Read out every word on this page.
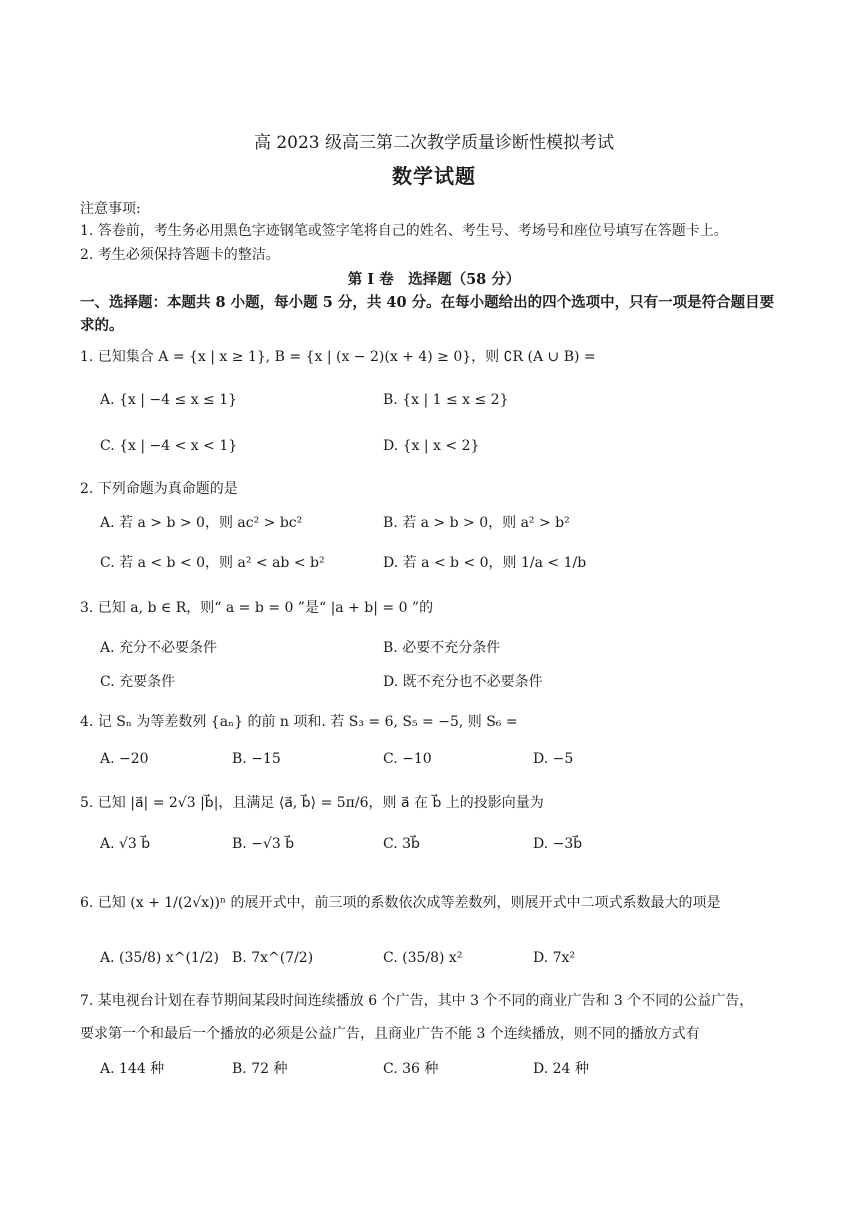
高 2023 级高三第二次教学质量诊断性模拟考试
数学试题
注意事项:
1. 答卷前，考生务必用黑色字迹钢笔或签字笔将自己的姓名、考生号、考场号和座位号填写在答题卡上。
2. 考生必须保持答题卡的整洁。
第 I 卷　选择题（58 分）
一、选择题：本题共 8 小题，每小题 5 分，共 40 分。在每小题给出的四个选项中，只有一项是符合题目要
求的。
1. 已知集合 A = {x | x ≥ 1}, B = {x | (x − 2)(x + 4) ≥ 0}，则 ∁R (A ∪ B) =
A. {x | −4 ≤ x ≤ 1}	B. {x | 1 ≤ x ≤ 2}
C. {x | −4 < x < 1}	D. {x | x < 2}
2. 下列命题为真命题的是
A. 若 a > b > 0，则 ac² > bc²	B. 若 a > b > 0，则 a² > b²
C. 若 a < b < 0，则 a² < ab < b²	D. 若 a < b < 0，则 1/a < 1/b
3. 已知 a, b ∈ R，则“ a = b = 0 ”是“ |a + b| = 0 ”的
A. 充分不必要条件	B. 必要不充分条件
C. 充要条件	D. 既不充分也不必要条件
4. 记 Sₙ 为等差数列 {aₙ} 的前 n 项和. 若 S₃ = 6, S₅ = −5, 则 S₆ =
A. −20	B. −15	C. −10	D. −5
5. 已知 |a⃗| = 2√3 |b⃗|，且满足 ⟨a⃗, b⃗⟩ = 5π/6，则 a⃗ 在 b⃗ 上的投影向量为
A. √3 b⃗	B. −√3 b⃗	C. 3b⃗	D. −3b⃗
6. 已知 (x + 1/(2√x))ⁿ 的展开式中，前三项的系数依次成等差数列，则展开式中二项式系数最大的项是
A. (35/8) x^(1/2) B. 7x^(7/2)	C. (35/8) x²	D. 7x²
7. 某电视台计划在春节期间某段时间连续播放 6 个广告，其中 3 个不同的商业广告和 3 个不同的公益广告，
要求第一个和最后一个播放的必须是公益广告，且商业广告不能 3 个连续播放，则不同的播放方式有
A. 144 种	B. 72 种	C. 36 种	D. 24 种
